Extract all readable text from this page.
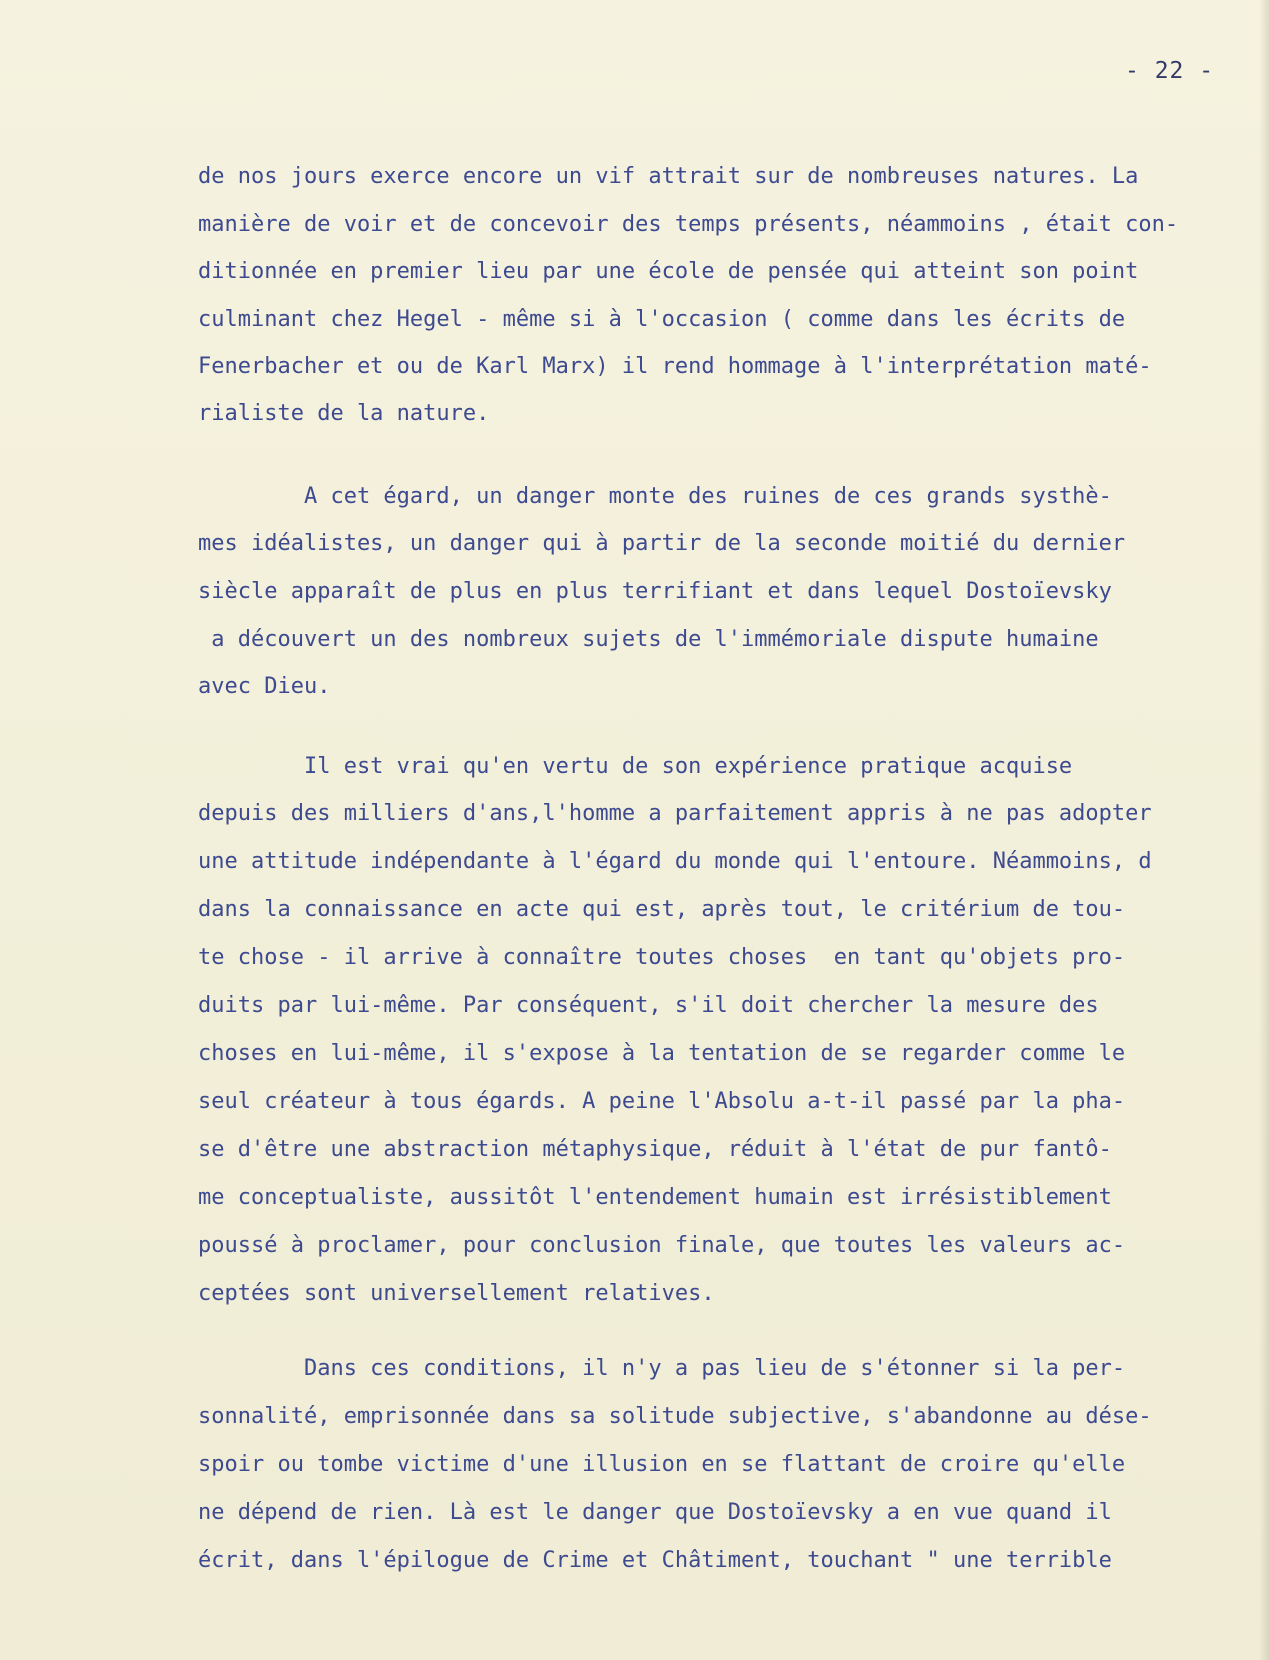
- 22 -

de nos jours exerce encore un vif attrait sur de nombreuses natures. La

manière de voir et de concevoir des temps présents, néammoins , était con-

ditionnée en premier lieu par une école de pensée qui atteint son point

culminant chez Hegel - même si à l'occasion ( comme dans les écrits de

Fenerbacher et ou de Karl Marx) il rend hommage à l'interprétation maté-

rialiste de la nature.

A cet égard, un danger monte des ruines de ces grands systhè-

mes idéalistes, un danger qui à partir de la seconde moitié du dernier

siècle apparaît de plus en plus terrifiant et dans lequel Dostoïevsky

a découvert un des nombreux sujets de l'immémoriale dispute humaine

avec Dieu.

Il est vrai qu'en vertu de son expérience pratique acquise

depuis des milliers d'ans,l'homme a parfaitement appris à ne pas adopter

une attitude indépendante à l'égard du monde qui l'entoure. Néammoins, d

dans la connaissance en acte qui est, après tout, le critérium de tou-

te chose - il arrive à connaître toutes choses  en tant qu'objets pro-

duits par lui-même. Par conséquent, s'il doit chercher la mesure des

choses en lui-même, il s'expose à la tentation de se regarder comme le

seul créateur à tous égards. A peine l'Absolu a-t-il passé par la pha-

se d'être une abstraction métaphysique, réduit à l'état de pur fantô-

me conceptualiste, aussitôt l'entendement humain est irrésistiblement

poussé à proclamer, pour conclusion finale, que toutes les valeurs ac-

ceptées sont universellement relatives.

Dans ces conditions, il n'y a pas lieu de s'étonner si la per-

sonnalité, emprisonnée dans sa solitude subjective, s'abandonne au dése-

spoir ou tombe victime d'une illusion en se flattant de croire qu'elle

ne dépend de rien. Là est le danger que Dostoïevsky a en vue quand il

écrit, dans l'épilogue de Crime et Châtiment, touchant " une terrible
